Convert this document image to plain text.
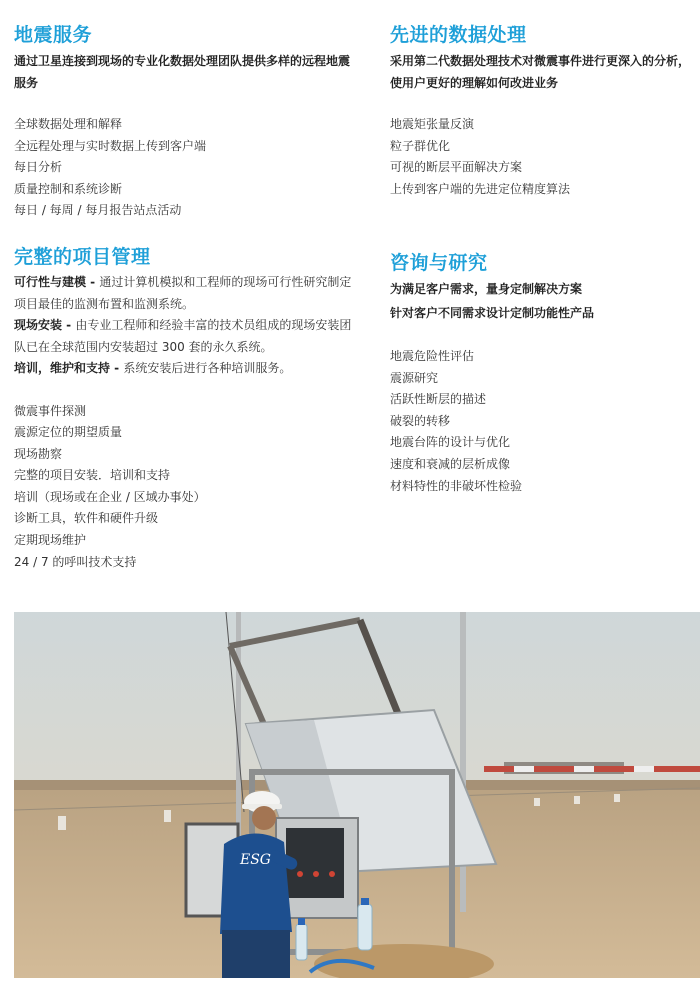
地震服务

通过卫星连接到现场的专业化数据处理团队提供多样的远程地震服务

全球数据处理和解释
全远程处理与实时数据上传到客户端
每日分析
质量控制和系统诊断
每日 / 每周 / 每月报告站点活动
先进的数据处理

采用第二代数据处理技术对微震事件进行更深入的分析，使用户更好的理解如何改进业务

地震矩张量反演
粒子群优化
可视的断层平面解决方案
上传到客户端的先进定位精度算法
完整的项目管理

可行性与建模 - 通过计算机模拟和工程师的现场可行性研究制定项目最佳的监测布置和监测系统。

现场安装 - 由专业工程师和经验丰富的技术员组成的现场安装团队已在全球范围内安装超过 300 套的永久系统。

培训，维护和支持 - 系统安装后进行各种培训服务。

微震事件探测
震源定位的期望质量
现场勘察
完整的项目安装．培训和支持
培训（现场或在企业 / 区域办事处）
诊断工具，软件和硬件升级
定期现场维护
24 / 7 的呼叫技术支持
咨询与研究

为满足客户需求，量身定制解决方案

针对客户不同需求设计定制功能性产品

地震危险性评估
震源研究
活跃性断层的描述
破裂的转移
地震台阵的设计与优化
速度和衰减的层析成像
材料特性的非破坏性检验
ESG
